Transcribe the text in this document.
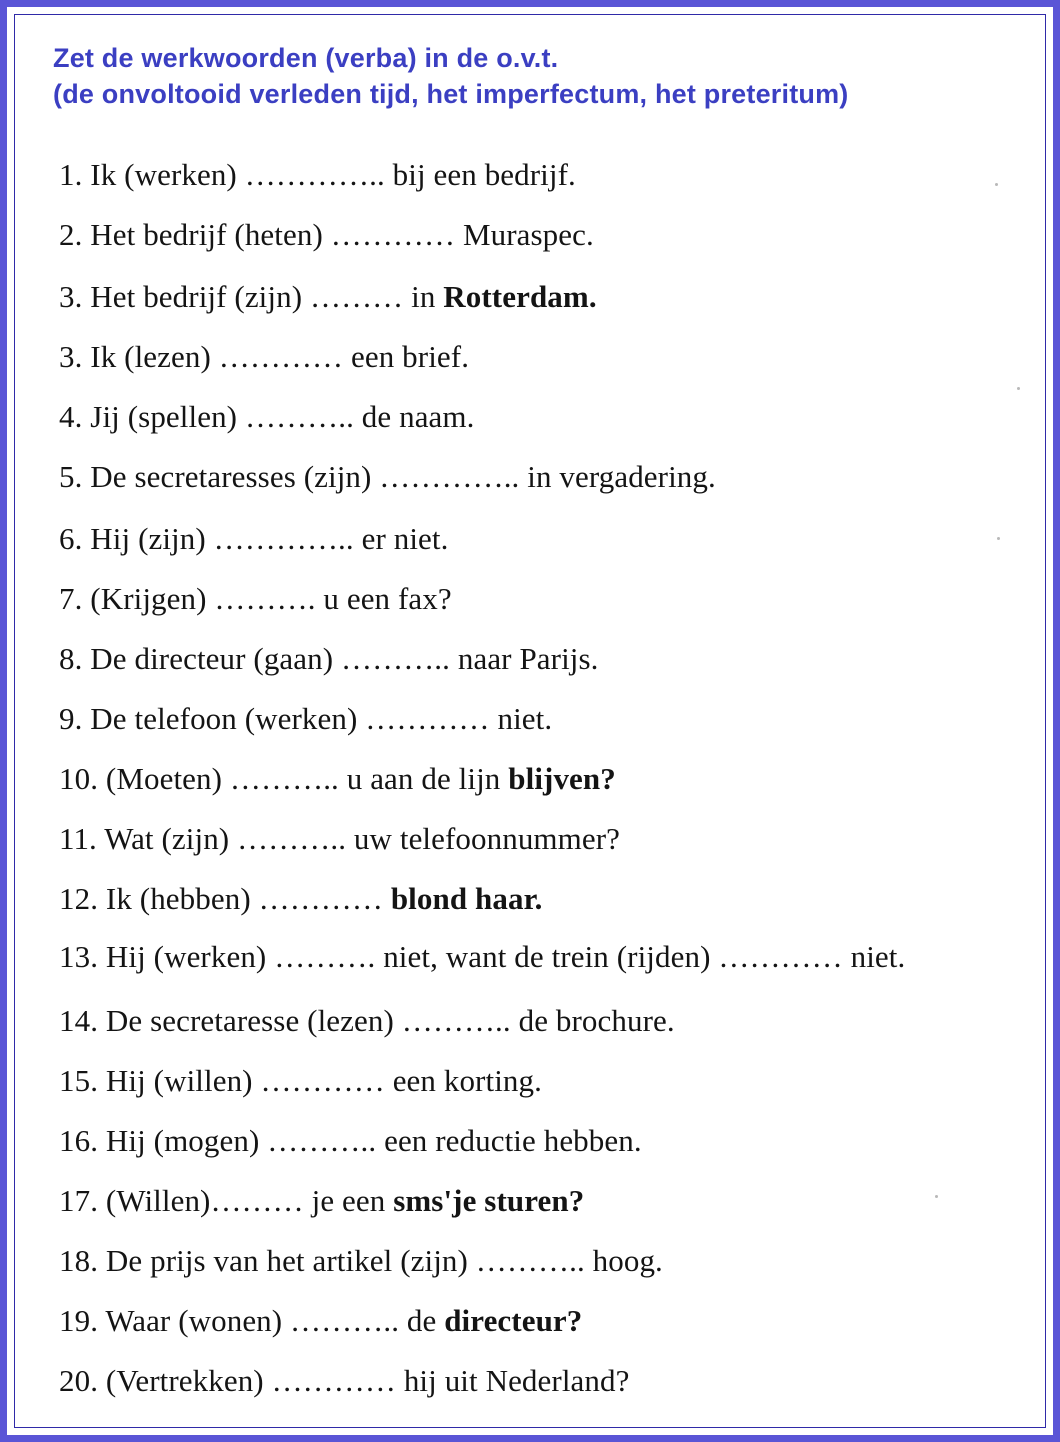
Zet de werkwoorden (verba) in de o.v.t.
(de onvoltooid verleden tijd, het imperfectum, het preteritum)
1. Ik (werken) ………….. bij een bedrijf.
2. Het bedrijf (heten) ………… Muraspec.
3. Het bedrijf (zijn) ……… in Rotterdam.
3. Ik (lezen) ………… een brief.
4. Jij (spellen) ……….. de naam.
5. De secretaresses (zijn) ………….. in vergadering.
6. Hij (zijn) ………….. er niet.
7. (Krijgen) ………. u een fax?
8. De directeur (gaan) ……….. naar Parijs.
9. De telefoon (werken) ………… niet.
10. (Moeten) ……….. u aan de lijn blijven?
11. Wat (zijn) ……….. uw telefoonnummer?
12. Ik (hebben) ………… blond haar.
13. Hij (werken) ………. niet, want de trein (rijden) ………… niet.
14. De secretaresse (lezen) ……….. de brochure.
15. Hij (willen) ………… een korting.
16. Hij (mogen) ……….. een reductie hebben.
17. (Willen)……… je een sms'je sturen?
18. De prijs van het artikel (zijn) ……….. hoog.
19. Waar (wonen) ……….. de directeur?
20. (Vertrekken) ………… hij uit Nederland?
